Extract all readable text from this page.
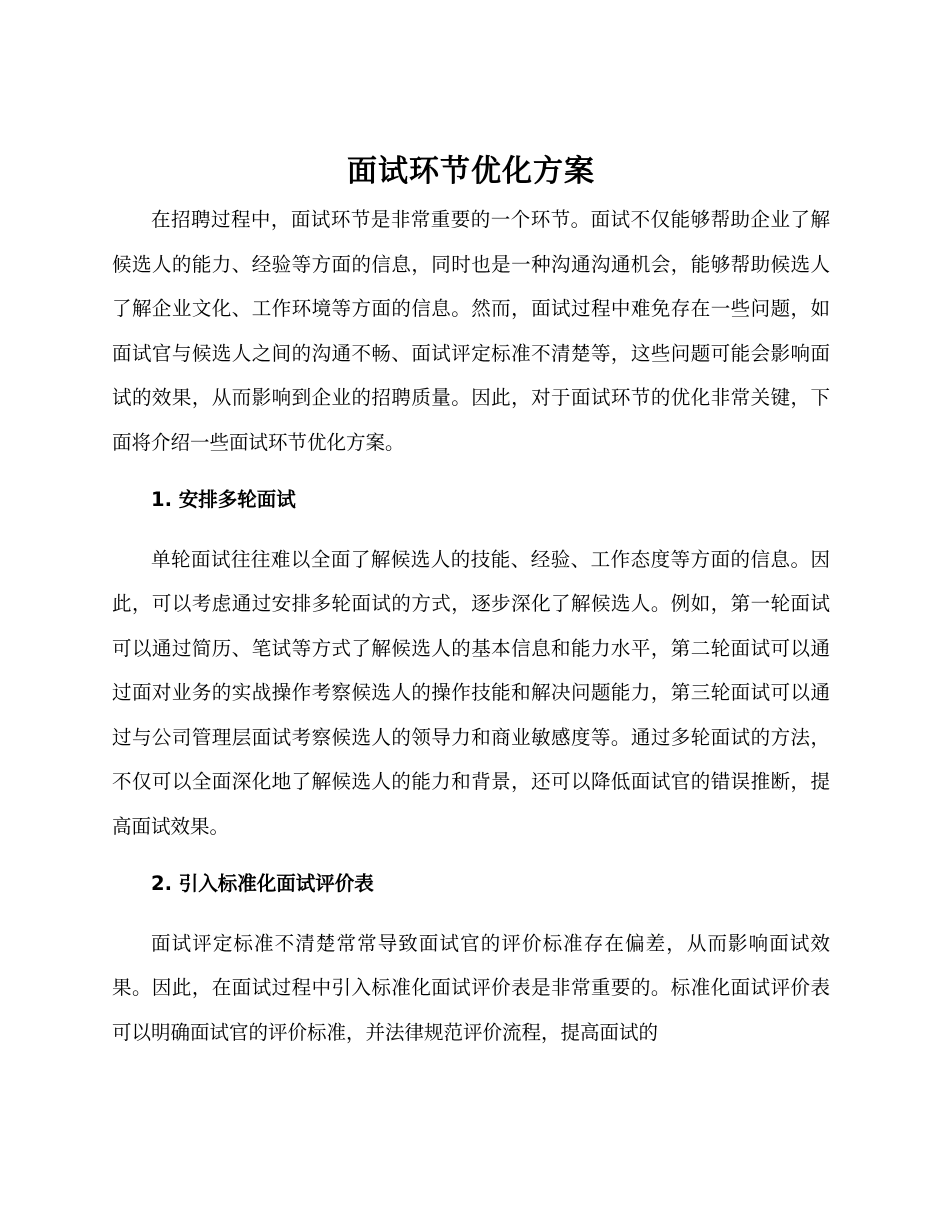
面试环节优化方案

在招聘过程中，面试环节是非常重要的一个环节。面试不仅能够帮助企业了解候选人的能力、经验等方面的信息，同时也是一种沟通沟通机会，能够帮助候选人了解企业文化、工作环境等方面的信息。然而，面试过程中难免存在一些问题，如面试官与候选人之间的沟通不畅、面试评定标准不清楚等，这些问题可能会影响面试的效果，从而影响到企业的招聘质量。因此，对于面试环节的优化非常关键，下面将介绍一些面试环节优化方案。

1. 安排多轮面试

单轮面试往往难以全面了解候选人的技能、经验、工作态度等方面的信息。因此，可以考虑通过安排多轮面试的方式，逐步深化了解候选人。例如，第一轮面试可以通过简历、笔试等方式了解候选人的基本信息和能力水平，第二轮面试可以通过面对业务的实战操作考察候选人的操作技能和解决问题能力，第三轮面试可以通过与公司管理层面试考察候选人的领导力和商业敏感度等。通过多轮面试的方法，不仅可以全面深化地了解候选人的能力和背景，还可以降低面试官的错误推断，提高面试效果。

2. 引入标准化面试评价表

面试评定标准不清楚常常导致面试官的评价标准存在偏差，从而影响面试效果。因此，在面试过程中引入标准化面试评价表是非常重要的。标准化面试评价表可以明确面试官的评价标准，并法律规范评价流程，提高面试的
